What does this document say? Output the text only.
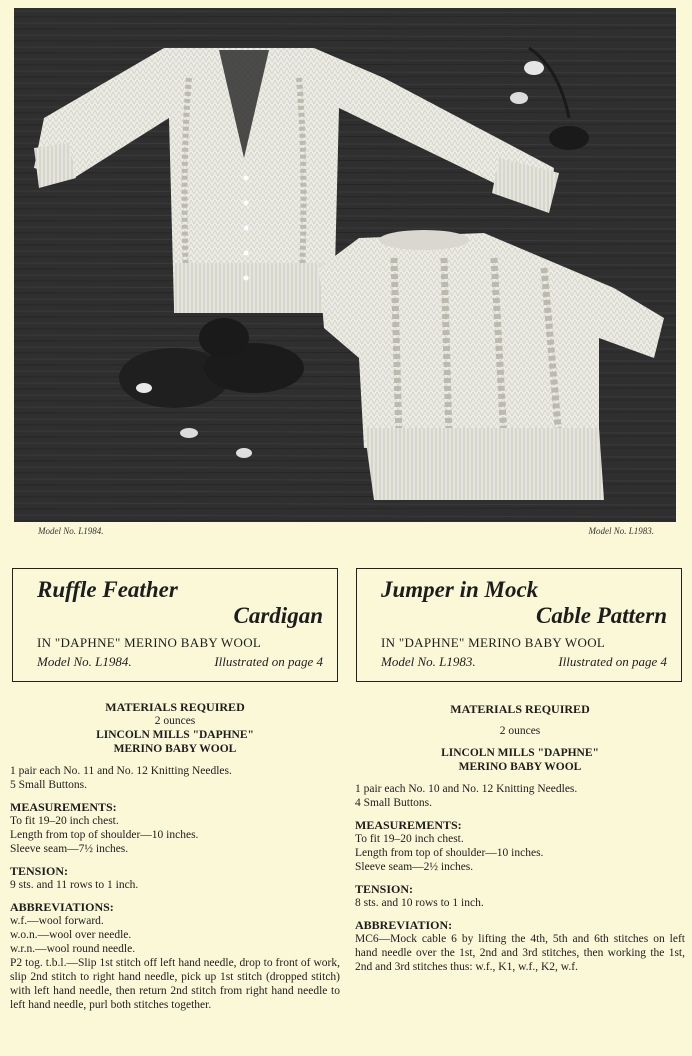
Model No. L1984.	Model No. L1983.
Ruffle Feather
Cardigan
IN "DAPHNE" MERINO BABY WOOL
Model No. L1984.	Illustrated on page 4
Jumper in Mock
Cable Pattern
IN "DAPHNE" MERINO BABY WOOL
Model No. L1983.	Illustrated on page 4
MATERIALS REQUIRED
2 ounces
LINCOLN MILLS "DAPHNE"
MERINO BABY WOOL
1 pair each No. 11 and No. 12 Knitting Needles.
5 Small Buttons.
MEASUREMENTS:
To fit 19–20 inch chest.
Length from top of shoulder—10 inches.
Sleeve seam—7½ inches.
TENSION:
9 sts. and 11 rows to 1 inch.
ABBREVIATIONS:
w.f.—wool forward.
w.o.n.—wool over needle.
w.r.n.—wool round needle.
P2 tog. t.b.l.—Slip 1st stitch off left hand needle, drop to front of work, slip 2nd stitch to right hand needle, pick up 1st stitch (dropped stitch) with left hand needle, then return 2nd stitch from right hand needle to left hand needle, purl both stitches together.
MATERIALS REQUIRED
2 ounces
LINCOLN MILLS "DAPHNE"
MERINO BABY WOOL
1 pair each No. 10 and No. 12 Knitting Needles.
4 Small Buttons.
MEASUREMENTS:
To fit 19–20 inch chest.
Length from top of shoulder—10 inches.
Sleeve seam—2½ inches.
TENSION:
8 sts. and 10 rows to 1 inch.
ABBREVIATION:
MC6—Mock cable 6 by lifting the 4th, 5th and 6th stitches on left hand needle over the 1st, 2nd and 3rd stitches, then working the 1st, 2nd and 3rd stitches thus: w.f., K1, w.f., K2, w.f.
